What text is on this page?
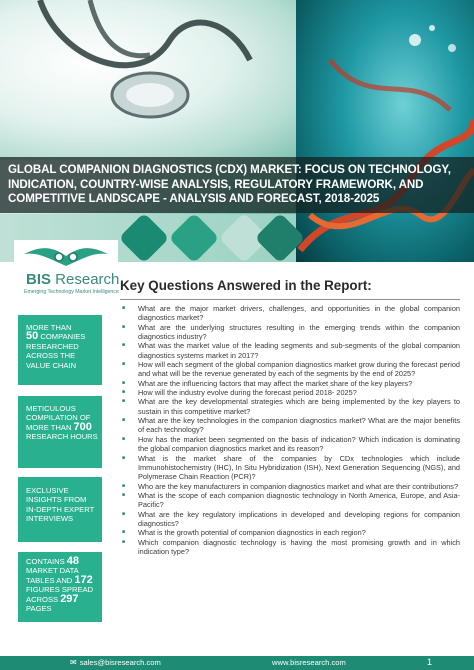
GLOBAL COMPANION DIAGNOSTICS (CDX) MARKET: FOCUS ON TECHNOLOGY, INDICATION, COUNTRY-WISE ANALYSIS, REGULATORY FRAMEWORK, AND COMPETITIVE LANDSCAPE - ANALYSIS AND FORECAST, 2018-2025
BIS Research
Emerging Technology Market Intelligence Key Questions Answered in the Report:
■ What are the major market drivers, challenges, and opportunities in the global companion diagnostics market?
■ What are the underlying structures resulting in the emerging trends within the companion diagnostics industry?
■ What was the market value of the leading segments and sub-segments of the global companion diagnostics systems market in 2017?
■ How will each segment of the global companion diagnostics market grow during the forecast period and what will be the revenue generated by each of the segments by the end of 2025?
■ What are the influencing factors that may affect the market share of the key players?
■ How will the industry evolve during the forecast period 2018- 2025?
■ What are the key developmental strategies which are being implemented by the key players to sustain in this competitive market?
■ What are the key technologies in the companion diagnostics market? What are the major benefits of each technology?
■ How has the market been segmented on the basis of indication? Which indication is dominating the global companion diagnostics market and its reason?
■ What is the market share of the companies by CDx technologies which include Immunohistochemistry (IHC), In Situ Hybridization (ISH), Next Generation Sequencing (NGS), and Polymerase Chain Reaction (PCR)?
■ Who are the key manufacturers in companion diagnostics market and what are their contributions?
■ What is the scope of each companion diagnostic technology in North America, Europe, and Asia-Pacific?
■ What are the key regulatory implications in developed and developing regions for companion diagnostics?
■ What is the growth potential of companion diagnostics in each region?
■ Which companion diagnostic technology is having the most promising growth and in which indication type?
MORE THAN
50 COMPANIES RESEARCHED ACROSS THE VALUE CHAIN
METICULOUS COMPILATION OF MORE THAN 700 RESEARCH HOURS
EXCLUSIVE INSIGHTS FROM IN-DEPTH EXPERT INTERVIEWS
CONTAINS 48 MARKET DATA TABLES AND 172 FIGURES SPREAD ACROSS 297 PAGES
✉ sales@bisresearch.com	www.bisresearch.com	1
